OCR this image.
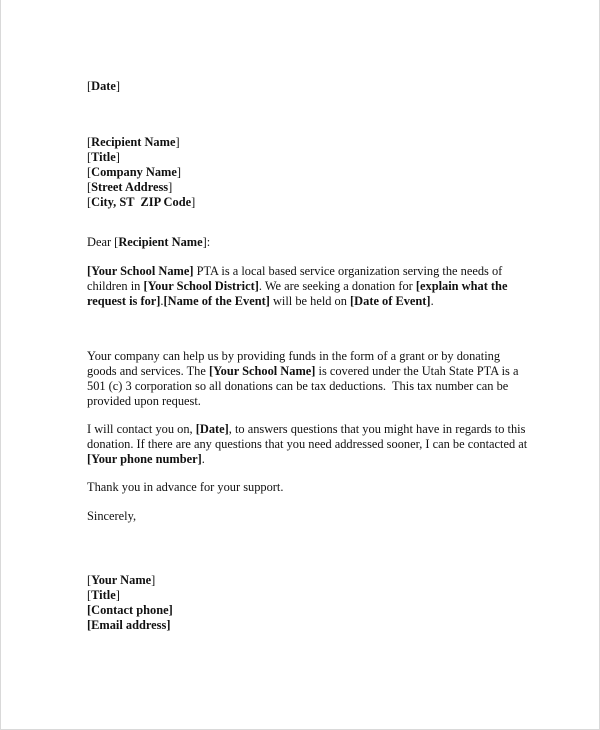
[Date]
[Recipient Name]
[Title]
[Company Name]
[Street Address]
[City, ST  ZIP Code]
Dear [Recipient Name]:
[Your School Name] PTA is a local based service organization serving the needs of
children in [Your School District]. We are seeking a donation for [explain what the
request is for].[Name of the Event] will be held on [Date of Event].
Your company can help us by providing funds in the form of a grant or by donating
goods and services. The [Your School Name] is covered under the Utah State PTA is a
501 (c) 3 corporation so all donations can be tax deductions.  This tax number can be
provided upon request.
I will contact you on, [Date], to answers questions that you might have in regards to this
donation. If there are any questions that you need addressed sooner, I can be contacted at
[Your phone number].
Thank you in advance for your support.
Sincerely,
[Your Name]
[Title]
[Contact phone]
[Email address]
